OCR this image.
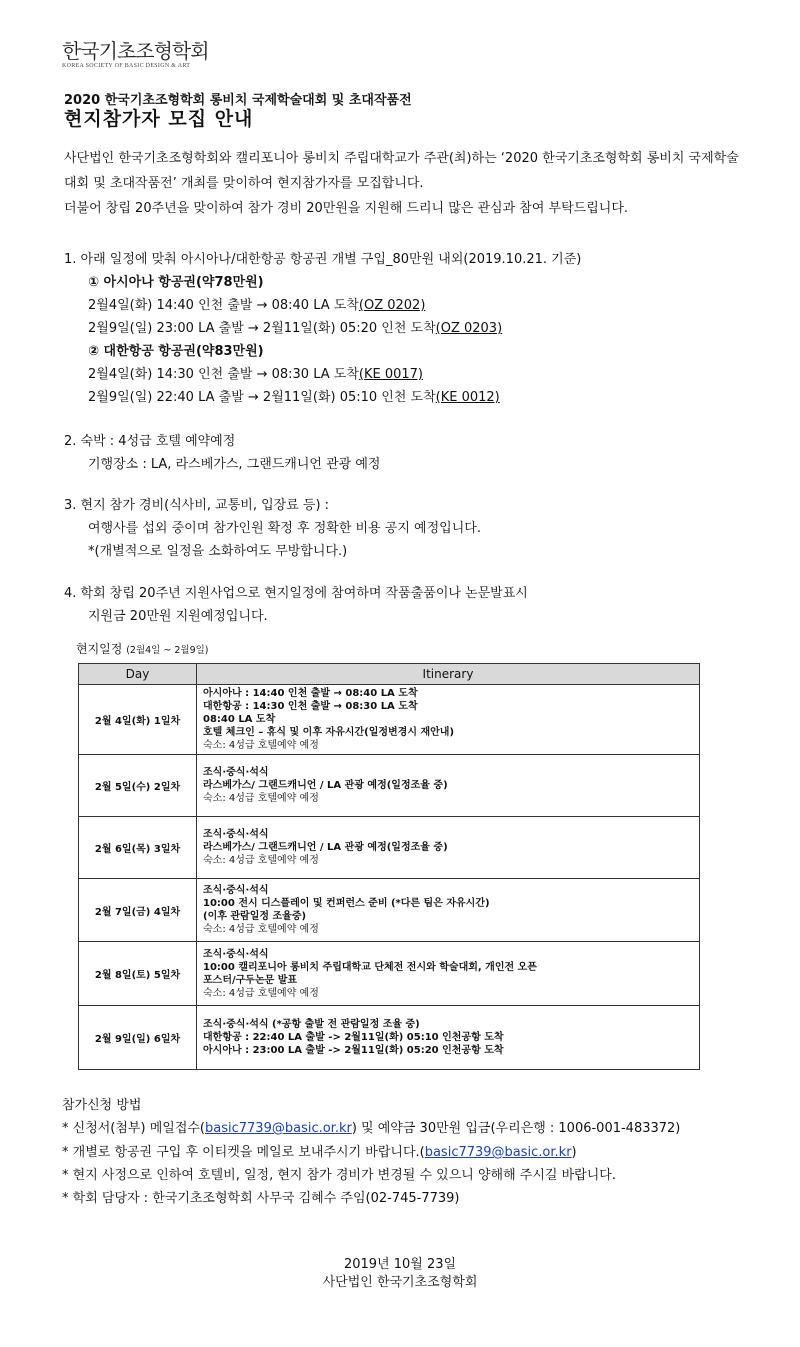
한국기초조형학회
KOREA SOCIETY OF BASIC DESIGN & ART
2020 한국기초조형학회 롱비치 국제학술대회 및 초대작품전
현지참가자 모집 안내
사단법인 한국기초조형학회와 캘리포니아 롱비치 주립대학교가 주관(최)하는 ‘2020 한국기초조형학회 롱비치 국제학술
대회 및 초대작품전’ 개최를 맞이하여 현지참가자를 모집합니다.
더불어 창립 20주년을 맞이하여 참가 경비 20만원을 지원해 드리니 많은 관심과 참여 부탁드립니다.
1. 아래 일정에 맞춰 아시아나/대한항공 항공권 개별 구입_80만원 내외(2019.10.21. 기준)
① 아시아나 항공권(약78만원)
2월4일(화) 14:40 인천 출발 → 08:40 LA 도착(OZ 0202)
2월9일(일) 23:00 LA 출발 → 2월11일(화) 05:20 인천 도착(OZ 0203)
② 대한항공 항공권(약83만원)
2월4일(화) 14:30 인천 출발 → 08:30 LA 도착(KE 0017)
2월9일(일) 22:40 LA 출발 → 2월11일(화) 05:10 인천 도착(KE 0012)
2. 숙박 : 4성급 호텔 예약예정
기행장소 : LA, 라스베가스, 그랜드캐니언 관광 예정
3. 현지 참가 경비(식사비, 교통비, 입장료 등) :
여행사를 섭외 중이며 참가인원 확정 후 정확한 비용 공지 예정입니다.
*(개별적으로 일정을 소화하여도 무방합니다.)
4. 학회 창립 20주년 지원사업으로 현지일정에 참여하며 작품출품이나 논문발표시
지원금 20만원 지원예정입니다.
현지일정 (2월4일 ~ 2월9일)
Day	Itinerary
2월 4일(화) 1일차	아시아나 : 14:40 인천 출발 → 08:40 LA 도착
대한항공 : 14:30 인천 출발 → 08:30 LA 도착
08:40 LA 도착
호텔 체크인 – 휴식 및 이후 자유시간(일정변경시 재안내)
숙소: 4성급 호텔예약 예정

2월 5일(수) 2일차	조식·중식·석식
라스베가스/ 그랜드캐니언 / LA 관광 예정(일정조율 중)
숙소: 4성급 호텔예약 예정

2월 6일(목) 3일차	조식·중식·석식
라스베가스/ 그랜드캐니언 / LA 관광 예정(일정조율 중)
숙소: 4성급 호텔예약 예정

2월 7일(금) 4일차	조식·중식·석식
10:00 전시 디스플레이 및 컨퍼런스 준비 (*다른 팀은 자유시간)
(이후 관람일정 조율중)
숙소: 4성급 호텔예약 예정

2월 8일(토) 5일차	조식·중식·석식
10:00 캘리포니아 롱비치 주립대학교 단체전 전시와 학술대회, 개인전 오픈
포스터/구두논문 발표
숙소: 4성급 호텔예약 예정

2월 9일(일) 6일차	조식·중식·석식 (*공항 출발 전 관람일정 조율 중)
대한항공 : 22:40 LA 출발 -> 2월11일(화) 05:10 인천공항 도착
아시아나 : 23:00 LA 출발 -> 2월11일(화) 05:20 인천공항 도착
참가신청 방법
* 신청서(첨부) 메일접수(basic7739@basic.or.kr) 및 예약금 30만원 입금(우리은행 : 1006-001-483372)
* 개별로 항공권 구입 후 이티켓을 메일로 보내주시기 바랍니다.(basic7739@basic.or.kr)
* 현지 사정으로 인하여 호텔비, 일정, 현지 참가 경비가 변경될 수 있으니 양해해 주시길 바랍니다.
* 학회 담당자 : 한국기초조형학회 사무국 김혜수 주임(02-745-7739)
2019년 10월 23일
사단법인 한국기초조형학회
